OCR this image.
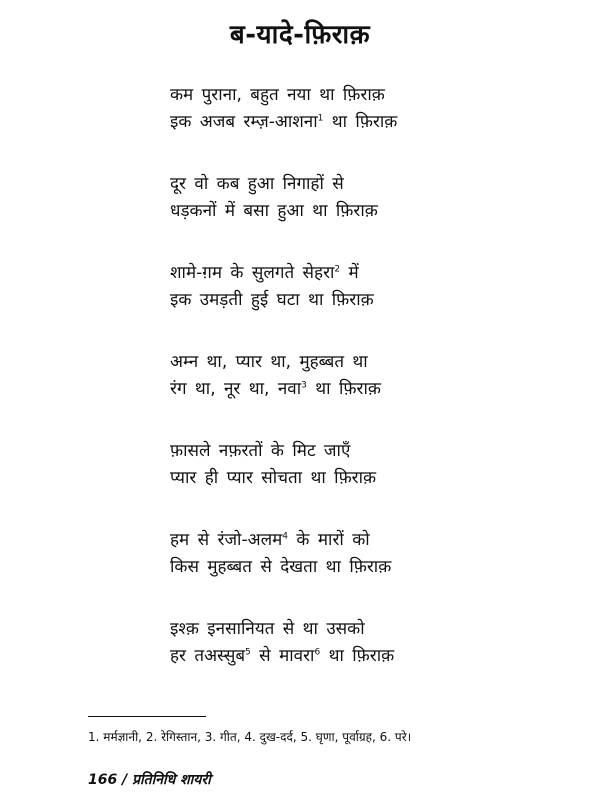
ब-यादे-फ़िराक़
कम पुराना, बहुत नया था फ़िराक़
इक अजब रम्ज़-आशना$^1$ था फ़िराक़
दूर वो कब हुआ निगाहों से
धड़कनों में बसा हुआ था फ़िराक़
शामे-ग़म के सुलगते सेहरा$^2$ में
इक उमड़ती हुई घटा था फ़िराक़
अम्न था, प्यार था, मुहब्बत था
रंग था, नूर था, नवा$^3$ था फ़िराक़
फ़ासले नफ़रतों के मिट जाएँ
प्यार ही प्यार सोचता था फ़िराक़
हम से रंजो-अलम$^4$ के मारों को
किस मुहब्बत से देखता था फ़िराक़
इश्क़ इनसानियत से था उसको
हर तअस्सुब$^5$ से मावरा$^6$ था फ़िराक़
1. मर्मज्ञानी, 2. रेगिस्तान, 3. गीत, 4. दुख-दर्द, 5. घृणा, पूर्वाग्रह, 6. परे।
166 / प्रतिनिधि शायरी
